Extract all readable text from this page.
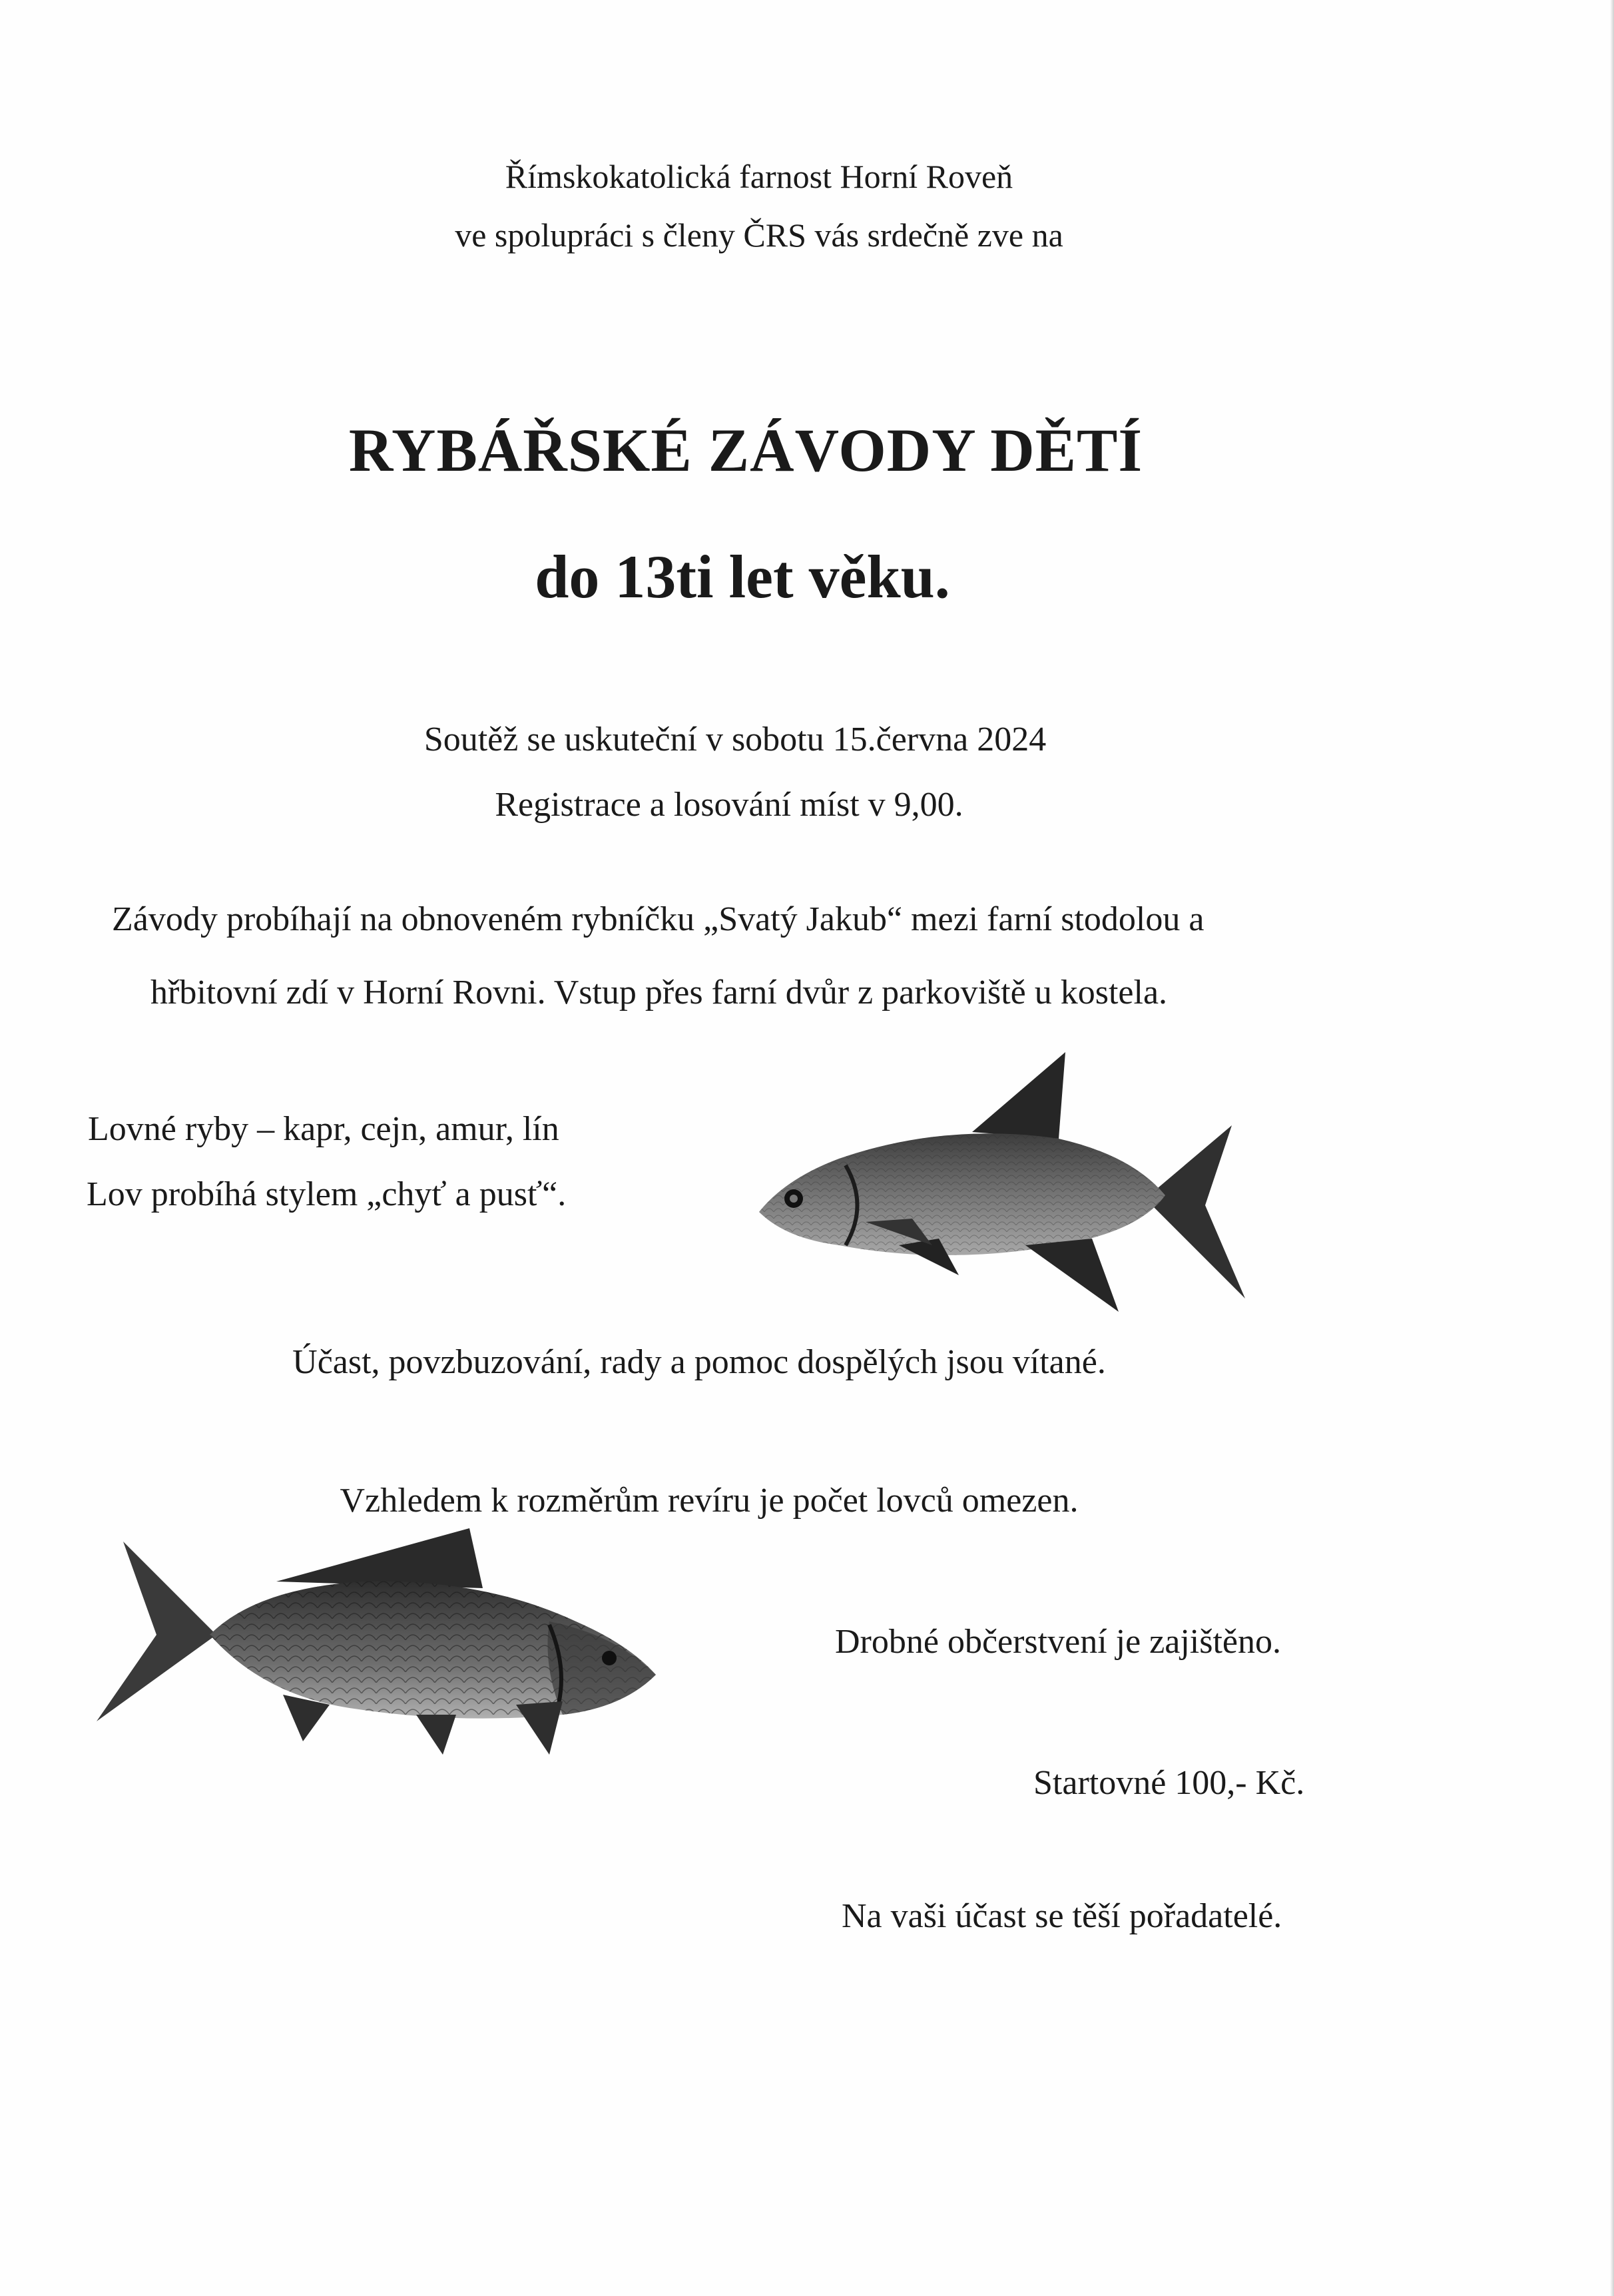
Římskokatolická farnost Horní Roveň
ve spolupráci s členy ČRS vás srdečně zve na
RYBÁŘSKÉ ZÁVODY DĚTÍ
do 13ti let věku.
Soutěž se uskuteční v sobotu 15.června 2024
Registrace a losování míst v 9,00.
Závody probíhají na obnoveném rybníčku „Svatý Jakub“ mezi farní stodolou a
hřbitovní zdí v Horní Rovni. Vstup přes farní dvůr z parkoviště u kostela.
Lovné ryby – kapr, cejn, amur, lín
Lov probíhá stylem „chyť a pusť“.
Účast, povzbuzování, rady a pomoc dospělých jsou vítané.
Vzhledem k rozměrům revíru je počet lovců omezen.
Drobné občerstvení je zajištěno.
Startovné 100,- Kč.
Na vaši účast se těší pořadatelé.
